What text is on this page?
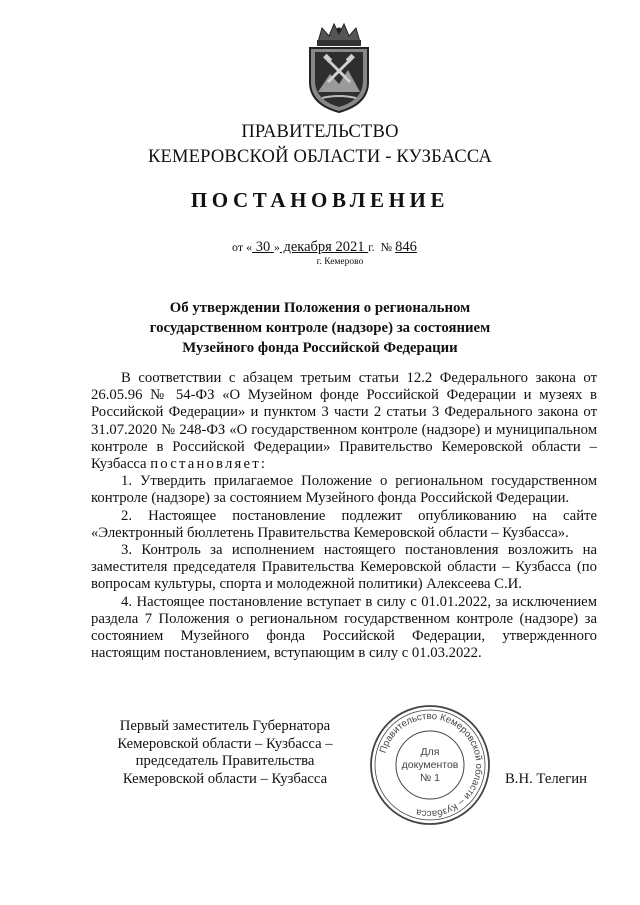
ПРАВИТЕЛЬСТВО
КЕМЕРОВСКОЙ ОБЛАСТИ - КУЗБАССА
ПОСТАНОВЛЕНИЕ
от « 30 » декабря 2021 г. № 846
г. Кемерово
Об утверждении Положения о региональном
государственном контроле (надзоре) за состоянием
Музейного фонда Российской Федерации

В соответствии с абзацем третьим статьи 12.2 Федерального закона от 26.05.96 № 54-ФЗ «О Музейном фонде Российской Федерации и музеях в Российской Федерации» и пунктом 3 части 2 статьи 3 Федерального закона от 31.07.2020 № 248-ФЗ «О государственном контроле (надзоре) и муниципальном контроле в Российской Федерации» Правительство Кемеровской области – Кузбасса постановляет:

1. Утвердить прилагаемое Положение о региональном государственном контроле (надзоре) за состоянием Музейного фонда Российской Федерации.

2. Настоящее постановление подлежит опубликованию на сайте «Электронный бюллетень Правительства Кемеровской области – Кузбасса».

3. Контроль за исполнением настоящего постановления возложить на заместителя председателя Правительства Кемеровской области – Кузбасса (по вопросам культуры, спорта и молодежной политики) Алексеева С.И.

4. Настоящее постановление вступает в силу с 01.01.2022, за исключением раздела 7 Положения о региональном государственном контроле (надзоре) за состоянием Музейного фонда Российской Федерации, утвержденного настоящим постановлением, вступающим в силу с 01.03.2022.

Первый заместитель Губернатора
Кемеровской области – Кузбасса –
председатель Правительства
Кемеровской области – Кузбасса
Правительство Кемеровской области – Кузбасса
Для
документов
№ 1	В.Н. Телегин
